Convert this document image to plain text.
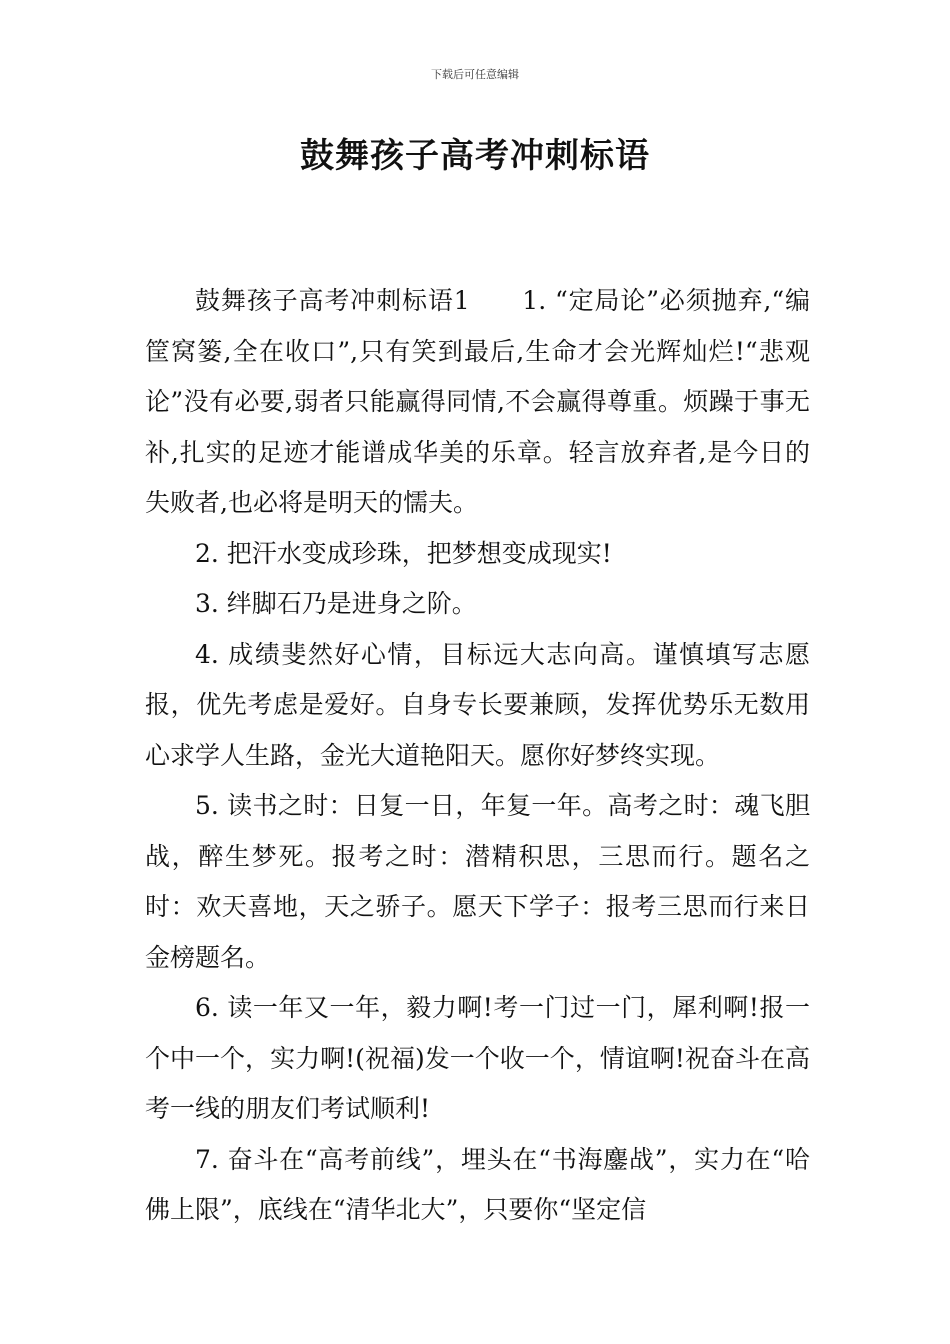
下载后可任意编辑
鼓舞孩子高考冲刺标语

鼓舞孩子高考冲刺标语1　　1. “定局论”必须抛弃,“编筐窝篓,全在收口”,只有笑到最后,生命才会光辉灿烂!“悲观论”没有必要,弱者只能赢得同情,不会赢得尊重。烦躁于事无补,扎实的足迹才能谱成华美的乐章。轻言放弃者,是今日的失败者,也必将是明天的懦夫。

2. 把汗水变成珍珠，把梦想变成现实!

3. 绊脚石乃是进身之阶。

4. 成绩斐然好心情，目标远大志向高。谨慎填写志愿报，优先考虑是爱好。自身专长要兼顾，发挥优势乐无数用心求学人生路，金光大道艳阳天。愿你好梦终实现。

5. 读书之时：日复一日，年复一年。高考之时：魂飞胆战，醉生梦死。报考之时：潜精积思，三思而行。题名之时：欢天喜地，天之骄子。愿天下学子：报考三思而行来日金榜题名。

6. 读一年又一年，毅力啊!考一门过一门，犀利啊!报一个中一个，实力啊!(祝福)发一个收一个，情谊啊!祝奋斗在高考一线的朋友们考试顺利!

7. 奋斗在“高考前线”，埋头在“书海鏖战”，实力在“哈佛上限”，底线在“清华北大”，只要你“坚定信
